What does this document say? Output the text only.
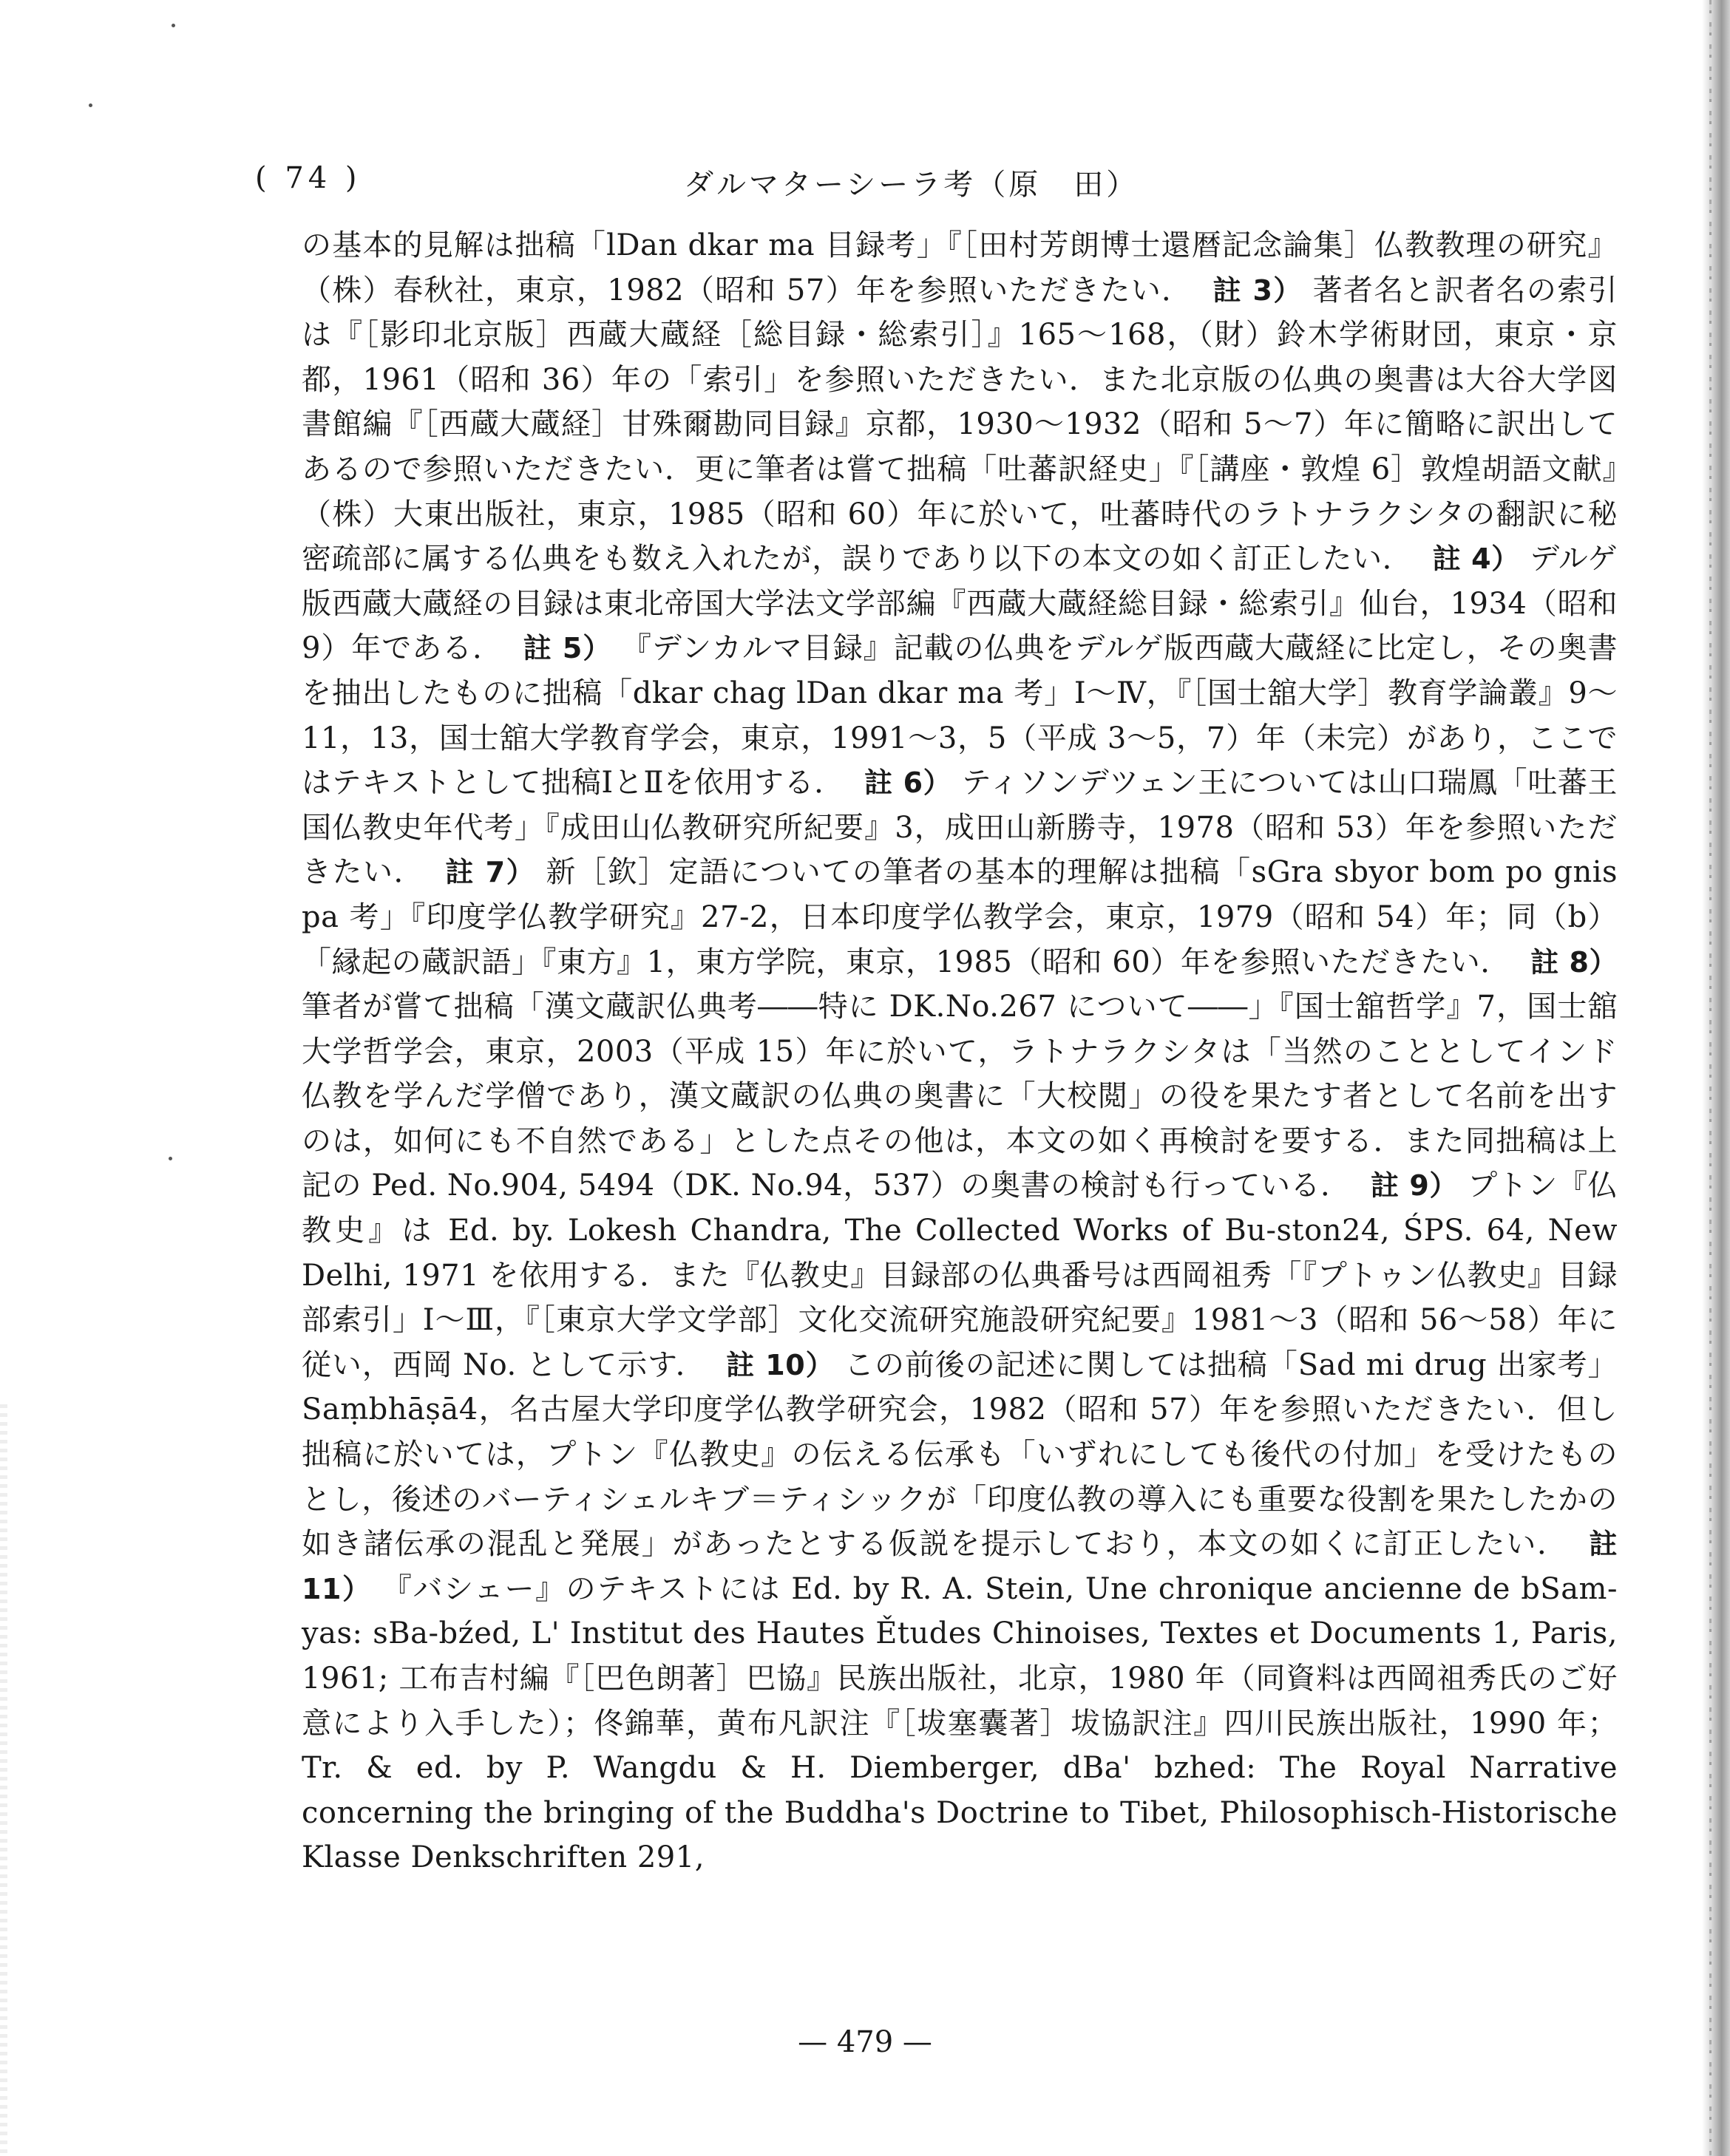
( 74 )	ダルマターシーラ考（原　田）
の基本的見解は拙稿「lDan dkar ma 目録考」『［田村芳朗博士還暦記念論集］仏教教理の研究』（株）春秋社，東京，1982（昭和 57）年を参照いただきたい． 註 3） 著者名と訳者名の索引は『［影印北京版］西蔵大蔵経［総目録・総索引］』165～168，（財）鈴木学術財団，東京・京都，1961（昭和 36）年の「索引」を参照いただきたい．また北京版の仏典の奥書は大谷大学図書館編『［西蔵大蔵経］甘殊爾勘同目録』京都，1930～1932（昭和 5～7）年に簡略に訳出してあるので参照いただきたい．更に筆者は嘗て拙稿「吐蕃訳経史」『［講座・敦煌 6］敦煌胡語文献』（株）大東出版社，東京，1985（昭和 60）年に於いて，吐蕃時代のラトナラクシタの翻訳に秘密疏部に属する仏典をも数え入れたが，誤りであり以下の本文の如く訂正したい． 註 4） デルゲ版西蔵大蔵経の目録は東北帝国大学法文学部編『西蔵大蔵経総目録・総索引』仙台，1934（昭和 9）年である． 註 5） 『デンカルマ目録』記載の仏典をデルゲ版西蔵大蔵経に比定し，その奥書を抽出したものに拙稿「dkar chag lDan dkar ma 考」Ⅰ～Ⅳ，『［国士舘大学］教育学論叢』9～11，13，国士舘大学教育学会，東京，1991～3，5（平成 3～5，7）年（未完）があり，ここではテキストとして拙稿ⅠとⅡを依用する． 註 6） ティソンデツェン王については山口瑞鳳「吐蕃王国仏教史年代考」『成田山仏教研究所紀要』3，成田山新勝寺，1978（昭和 53）年を参照いただきたい． 註 7） 新［欽］定語についての筆者の基本的理解は拙稿「sGra sbyor bom po gnis pa 考」『印度学仏教学研究』27-2，日本印度学仏教学会，東京，1979（昭和 54）年；同（b）「縁起の蔵訳語」『東方』1，東方学院，東京，1985（昭和 60）年を参照いただきたい． 註 8） 筆者が嘗て拙稿「漢文蔵訳仏典考――特に DK.No.267 について――」『国士舘哲学』7，国士舘大学哲学会，東京，2003（平成 15）年に於いて，ラトナラクシタは「当然のこととしてインド仏教を学んだ学僧であり，漢文蔵訳の仏典の奥書に「大校閲」の役を果たす者として名前を出すのは，如何にも不自然である」とした点その他は，本文の如く再検討を要する．また同拙稿は上記の Ped. No.904, 5494（DK. No.94，537）の奥書の検討も行っている． 註 9） プトン『仏教史』は Ed. by. Lokesh Chandra, The Collected Works of Bu-ston24, ŚPS. 64, New Delhi, 1971 を依用する．また『仏教史』目録部の仏典番号は西岡祖秀「『プトゥン仏教史』目録部索引」Ⅰ～Ⅲ，『［東京大学文学部］文化交流研究施設研究紀要』1981～3（昭和 56～58）年に従い，西岡 No. として示す． 註 10） この前後の記述に関しては拙稿「Sad mi drug 出家考」Saṃbhāṣā4，名古屋大学印度学仏教学研究会，1982（昭和 57）年を参照いただきたい．但し拙稿に於いては，プトン『仏教史』の伝える伝承も「いずれにしても後代の付加」を受けたものとし，後述のバーティシェルキブ＝ティシックが「印度仏教の導入にも重要な役割を果たしたかの如き諸伝承の混乱と発展」があったとする仮説を提示しており，本文の如くに訂正したい． 註 11） 『バシェー』のテキストには Ed. by R. A. Stein, Une chronique ancienne de bSam-yas: sBa-bźed, L' Institut des Hautes Ětudes Chinoises, Textes et Documents 1, Paris, 1961; 工布吉村編『［巴色朗著］巴協』民族出版社，北京，1980 年（同資料は西岡祖秀氏のご好意により入手した）；佟錦華，黄布凡訳注『［坺塞囊著］坺協訳注』四川民族出版社，1990 年；Tr. & ed. by P. Wangdu & H. Diemberger, dBa' bzhed: The Royal Narrative concerning the bringing of the Buddha's Doctrine to Tibet, Philosophisch-Historische Klasse Denkschriften 291,
— 479 —
